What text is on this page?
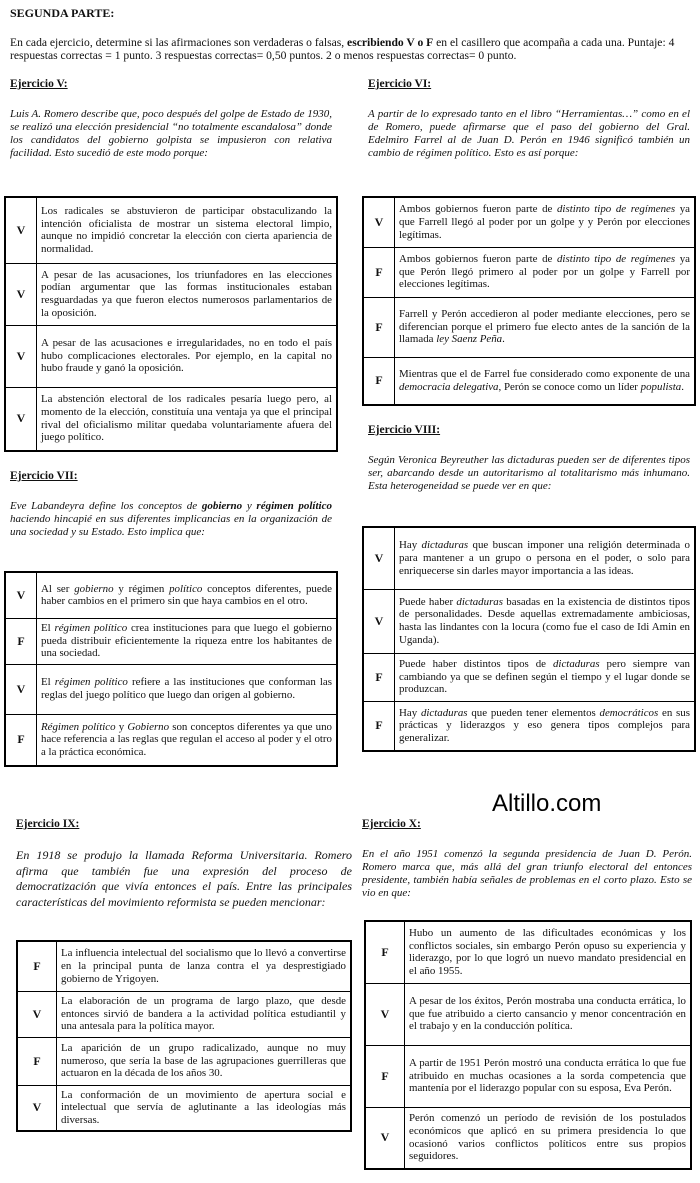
SEGUNDA PARTE:
En cada ejercicio, determine si las afirmaciones son verdaderas o falsas, escribiendo V o F en el casillero que acompaña a cada una. Puntaje: 4 respuestas correctas = 1 punto. 3 respuestas correctas= 0,50 puntos. 2 o menos respuestas correctas= 0 punto.
Ejercicio V:
Luis A. Romero describe que, poco después del golpe de Estado de 1930, se realizó una elección presidencial “no totalmente escandalosa” donde los candidatos del gobierno golpista se impusieron con relativa facilidad. Esto sucedió de este modo porque:
V	Los radicales se abstuvieron de participar obstaculizando la intención oficialista de mostrar un sistema electoral limpio, aunque no impidió concretar la elección con cierta apariencia de normalidad.
V	A pesar de las acusaciones, los triunfadores en las elecciones podían argumentar que las formas institucionales estaban resguardadas ya que fueron electos numerosos parlamentarios de la oposición.
V	A pesar de las acusaciones e irregularidades, no en todo el país hubo complicaciones electorales. Por ejemplo, en la capital no hubo fraude y ganó la oposición.
V	La abstención electoral de los radicales pesaría luego pero, al momento de la elección, constituía una ventaja ya que el principal rival del oficialismo militar quedaba voluntariamente afuera del juego político.
Ejercicio VI:
A partir de lo expresado tanto en el libro “Herramientas…” como en el de Romero, puede afirmarse que el paso del gobierno del Gral. Edelmiro Farrel al de Juan D. Perón en 1946 significó también un cambio de régimen político. Esto es así porque:
V	Ambos gobiernos fueron parte de distinto tipo de regímenes ya que Farrell llegó al poder por un golpe y y Perón por elecciones legítimas.
F	Ambos gobiernos fueron parte de distinto tipo de regímenes ya que Perón llegó primero al poder por un golpe y Farrell por elecciones legítimas.
F	Farrell y Perón accedieron al poder mediante elecciones, pero se diferencian porque el primero fue electo antes de la sanción de la llamada ley Saenz Peña.
F	Mientras que el de Farrel fue considerado como exponente de una democracia delegativa, Perón se conoce como un líder populista.
Ejercicio VII:
Eve Labandeyra define los conceptos de gobierno y régimen político haciendo hincapié en sus diferentes implicancias en la organización de una sociedad y su Estado. Esto implica que:
V	Al ser gobierno y régimen político conceptos diferentes, puede haber cambios en el primero sin que haya cambios en el otro.
F	El régimen político crea instituciones para que luego el gobierno pueda distribuir eficientemente la riqueza entre los habitantes de una sociedad.
V	El régimen político refiere a las instituciones que conforman las reglas del juego político que luego dan origen al gobierno.
F	Régimen político y Gobierno son conceptos diferentes ya que uno hace referencia a las reglas que regulan el acceso al poder y el otro a la práctica económica.
Ejercicio VIII:
Según Veronica Beyreuther las dictaduras pueden ser de diferentes tipos ser, abarcando desde un autoritarismo al totalitarismo más inhumano. Esta heterogeneidad se puede ver en que:
V	Hay dictaduras que buscan imponer una religión determinada o para mantener a un grupo o persona en el poder, o solo para enriquecerse sin darles mayor importancia a las ideas.
V	Puede haber dictaduras basadas en la existencia de distintos tipos de personalidades. Desde aquellas extremadamente ambiciosas, hasta las lindantes con la locura (como fue el caso de Idi Amin en Uganda).
F	Puede haber distintos tipos de dictaduras pero siempre van cambiando ya que se definen según el tiempo y el lugar donde se produzcan.
F	Hay dictaduras que pueden tener elementos democráticos en sus prácticas y liderazgos y eso genera tipos complejos para generalizar.
Altillo.com
Ejercicio IX:
En 1918 se produjo la llamada Reforma Universitaria. Romero afirma que también fue una expresión del proceso de democratización que vivía entonces el país. Entre las principales características del movimiento reformista se pueden mencionar:
F	La influencia intelectual del socialismo que lo llevó a convertirse en la principal punta de lanza contra el ya desprestigiado gobierno de Yrigoyen.
V	La elaboración de un programa de largo plazo, que desde entonces sirvió de bandera a la actividad política estudiantil y una antesala para la política mayor.
F	La aparición de un grupo radicalizado, aunque no muy numeroso, que sería la base de las agrupaciones guerrilleras que actuaron en la década de los años 30.
V	La conformación de un movimiento de apertura social e intelectual que servía de aglutinante a las ideologías más diversas.
Ejercicio X:
En el año 1951 comenzó la segunda presidencia de Juan D. Perón. Romero marca que, más allá del gran triunfo electoral del entonces presidente, también había señales de problemas en el corto plazo. Esto se vio en que:
F	Hubo un aumento de las dificultades económicas y los conflictos sociales, sin embargo Perón opuso su experiencia y liderazgo, por lo que logró un nuevo mandato presidencial en el año 1955.
V	A pesar de los éxitos, Perón mostraba una conducta errática, lo que fue atribuido a cierto cansancio y menor concentración en el trabajo y en la conducción política.
F	A partir de 1951 Perón mostró una conducta errática lo que fue atribuido en muchas ocasiones a la sorda competencia que mantenía por el liderazgo popular con su esposa, Eva Perón.
V	Perón comenzó un período de revisión de los postulados económicos que aplicó en su primera presidencia lo que ocasionó varios conflictos políticos entre sus propios seguidores.
